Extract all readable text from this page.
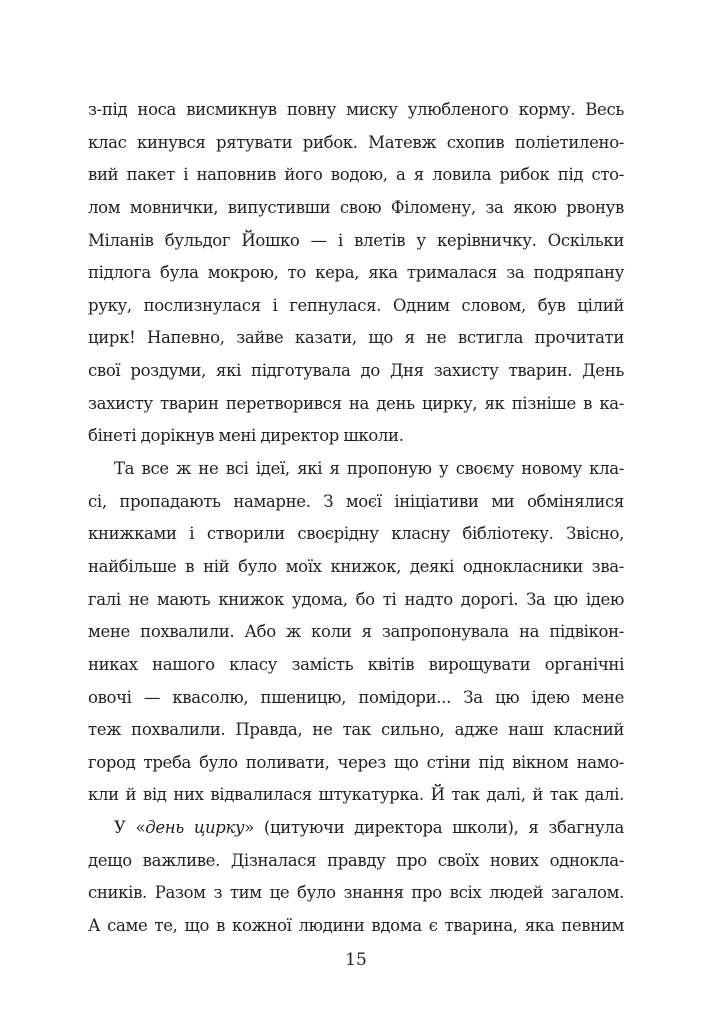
з-під носа висмикнув повну миску улюбленого корму. Весь
клас кинувся рятувати рибок. Матевж схопив поліетилено-
вий пакет і наповнив його водою, а я ловила рибок під сто-
лом мовнички, випустивши свою Філомену, за якою рвонув
Міланів бульдог Йошко — і влетів у керівничку. Оскільки
підлога була мокрою, то кера, яка трималася за подряпану
руку, послизнулася і гепнулася. Одним словом, був цілий
цирк! Напевно, зайве казати, що я не встигла прочитати
свої роздуми, які підготувала до Дня захисту тварин. День
захисту тварин перетворився на день цирку, як пізніше в ка-
бінеті дорікнув мені директор школи.
Та все ж не всі ідеї, які я пропоную у своєму новому кла-
сі, пропадають намарне. З моєї ініціативи ми обмінялися
книжками і створили своєрідну класну бібліотеку. Звісно,
найбільше в ній було моїх книжок, деякі однокласники зва-
галі не мають книжок удома, бо ті надто дорогі. За цю ідею
мене похвалили. Або ж коли я запропонувала на підвікон-
никах нашого класу замість квітів вирощувати органічні
овочі — квасолю, пшеницю, помідори... За цю ідею мене
теж похвалили. Правда, не так сильно, адже наш класний
город треба було поливати, через що стіни під вікном намо-
кли й від них відвалилася штукатурка. Й так далі, й так далі.
У «день цирку» (цитуючи директора школи), я збагнула
дещо важливе. Дізналася правду про своїх нових однокла-
сників. Разом з тим це було знання про всіх людей загалом.
А саме те, що в кожної людини вдома є тварина, яка певним
15
